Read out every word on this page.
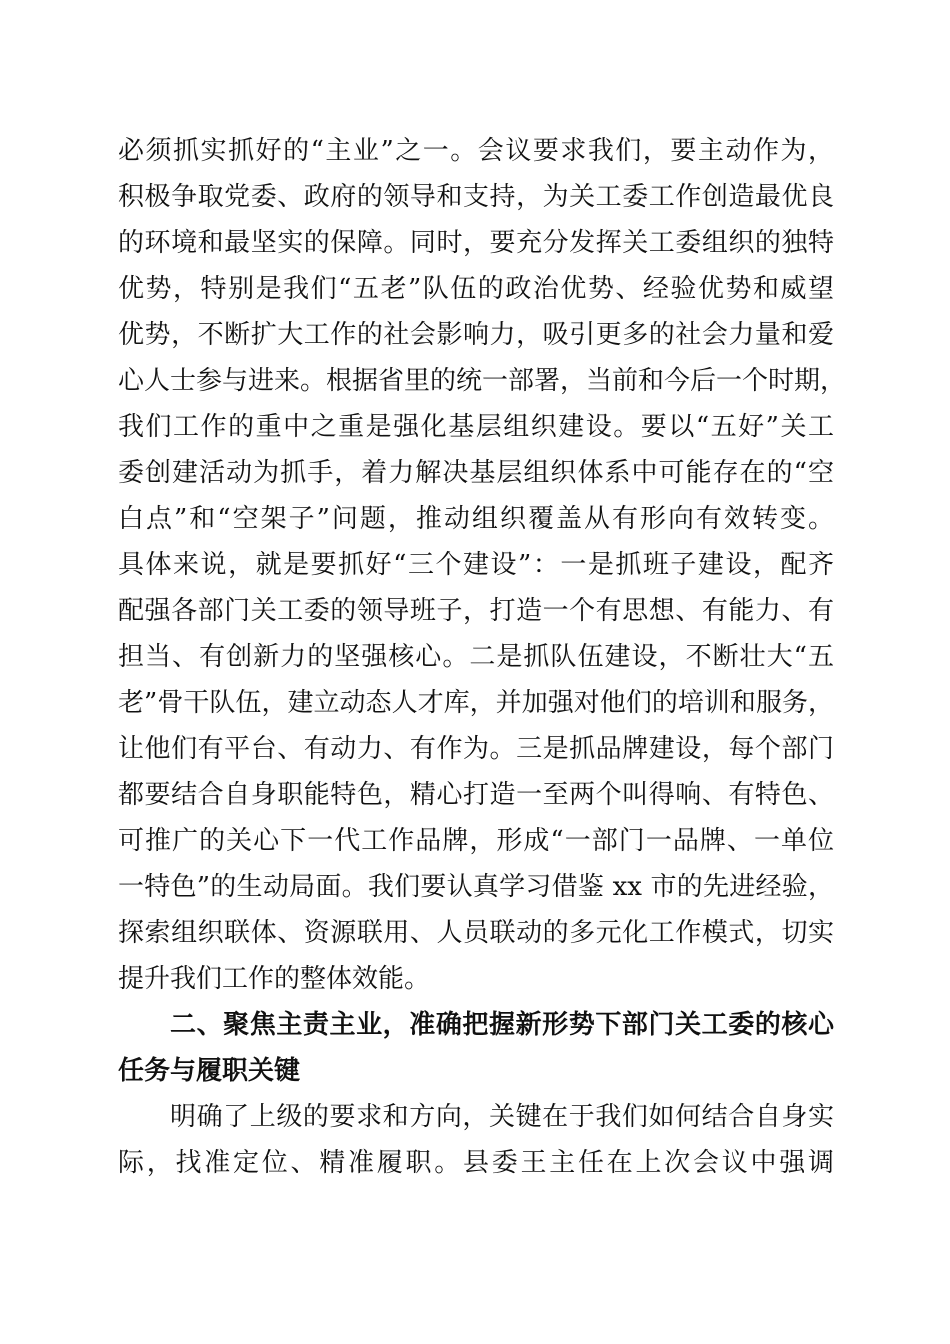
必须抓实抓好的“主业”之一。会议要求我们，要主动作为，
积极争取党委、政府的领导和支持，为关工委工作创造最优良
的环境和最坚实的保障。同时，要充分发挥关工委组织的独特
优势，特别是我们“五老”队伍的政治优势、经验优势和威望
优势，不断扩大工作的社会影响力，吸引更多的社会力量和爱
心人士参与进来。根据省里的统一部署，当前和今后一个时期，
我们工作的重中之重是强化基层组织建设。要以“五好”关工
委创建活动为抓手，着力解决基层组织体系中可能存在的“空
白点”和“空架子”问题，推动组织覆盖从有形向有效转变。
具体来说，就是要抓好“三个建设”：一是抓班子建设，配齐
配强各部门关工委的领导班子，打造一个有思想、有能力、有
担当、有创新力的坚强核心。二是抓队伍建设，不断壮大“五
老”骨干队伍，建立动态人才库，并加强对他们的培训和服务，
让他们有平台、有动力、有作为。三是抓品牌建设，每个部门
都要结合自身职能特色，精心打造一至两个叫得响、有特色、
可推广的关心下一代工作品牌，形成“一部门一品牌、一单位
一特色”的生动局面。我们要认真学习借鉴 xx 市的先进经验，
探索组织联体、资源联用、人员联动的多元化工作模式，切实
提升我们工作的整体效能。
二、聚焦主责主业，准确把握新形势下部门关工委的核心
任务与履职关键
明确了上级的要求和方向，关键在于我们如何结合自身实
际，找准定位、精准履职。县委王主任在上次会议中强调
